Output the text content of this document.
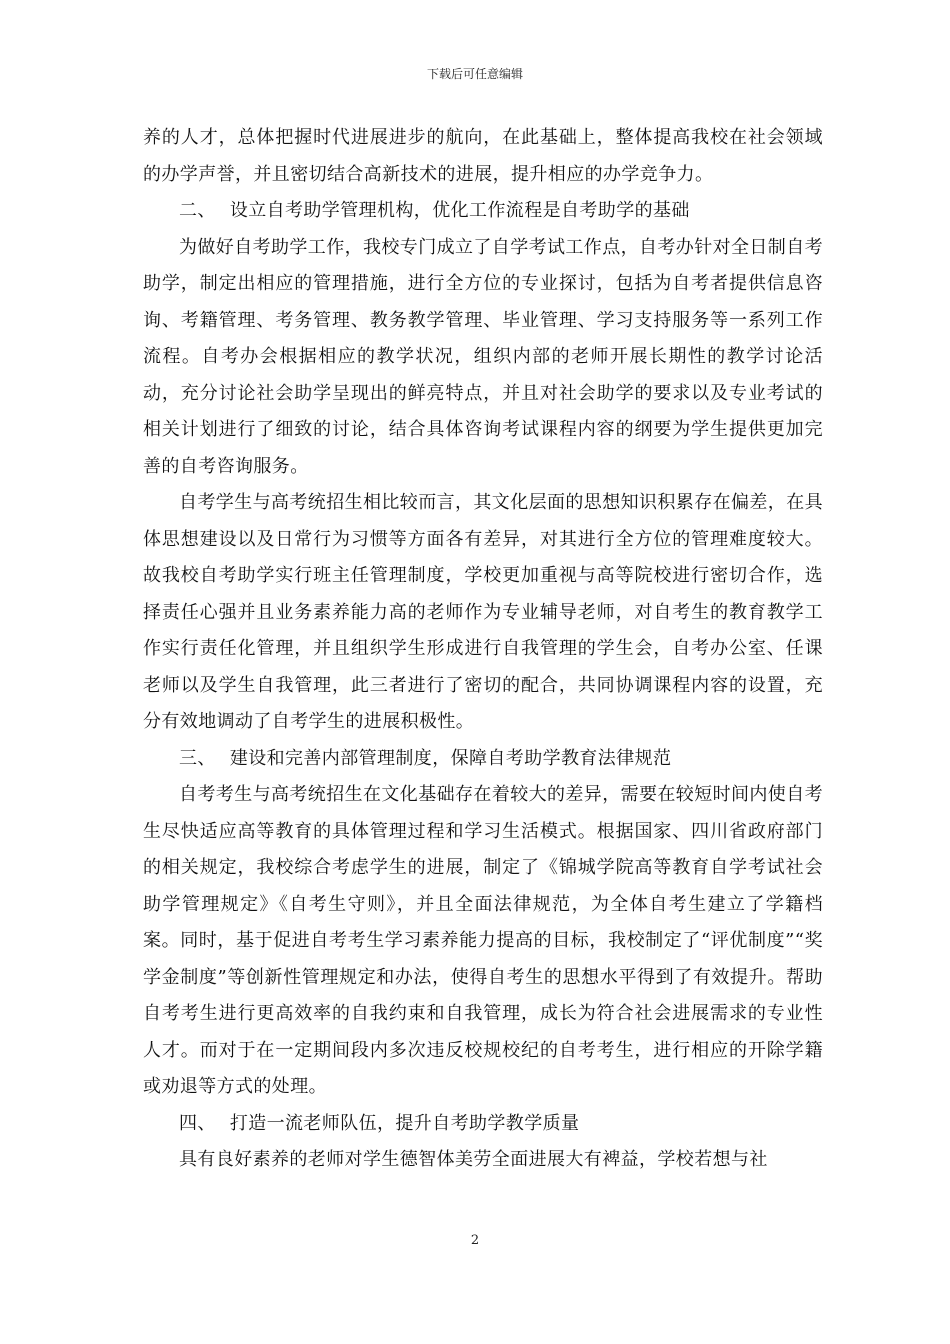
下载后可任意编辑

养的人才，总体把握时代进展进步的航向，在此基础上，整体提高我校在社会领域的办学声誉，并且密切结合高新技术的进展，提升相应的办学竞争力。

二、 设立自考助学管理机构，优化工作流程是自考助学的基础

为做好自考助学工作，我校专门成立了自学考试工作点，自考办针对全日制自考助学，制定出相应的管理措施，进行全方位的专业探讨，包括为自考者提供信息咨询、考籍管理、考务管理、教务教学管理、毕业管理、学习支持服务等一系列工作流程。自考办会根据相应的教学状况，组织内部的老师开展长期性的教学讨论活动，充分讨论社会助学呈现出的鲜亮特点，并且对社会助学的要求以及专业考试的相关计划进行了细致的讨论，结合具体咨询考试课程内容的纲要为学生提供更加完善的自考咨询服务。

自考学生与高考统招生相比较而言，其文化层面的思想知识积累存在偏差，在具体思想建设以及日常行为习惯等方面各有差异，对其进行全方位的管理难度较大。故我校自考助学实行班主任管理制度，学校更加重视与高等院校进行密切合作，选择责任心强并且业务素养能力高的老师作为专业辅导老师，对自考生的教育教学工作实行责任化管理，并且组织学生形成进行自我管理的学生会，自考办公室、任课老师以及学生自我管理，此三者进行了密切的配合，共同协调课程内容的设置，充分有效地调动了自考学生的进展积极性。

三、 建设和完善内部管理制度，保障自考助学教育法律规范

自考考生与高考统招生在文化基础存在着较大的差异，需要在较短时间内使自考生尽快适应高等教育的具体管理过程和学习生活模式。根据国家、四川省政府部门的相关规定，我校综合考虑学生的进展，制定了《锦城学院高等教育自学考试社会助学管理规定》《自考生守则》，并且全面法律规范，为全体自考生建立了学籍档案。同时，基于促进自考考生学习素养能力提高的目标，我校制定了“评优制度”“奖学金制度”等创新性管理规定和办法，使得自考生的思想水平得到了有效提升。帮助自考考生进行更高效率的自我约束和自我管理，成长为符合社会进展需求的专业性人才。而对于在一定期间段内多次违反校规校纪的自考考生，进行相应的开除学籍或劝退等方式的处理。

四、 打造一流老师队伍，提升自考助学教学质量

具有良好素养的老师对学生德智体美劳全面进展大有裨益，学校若想与社

2
